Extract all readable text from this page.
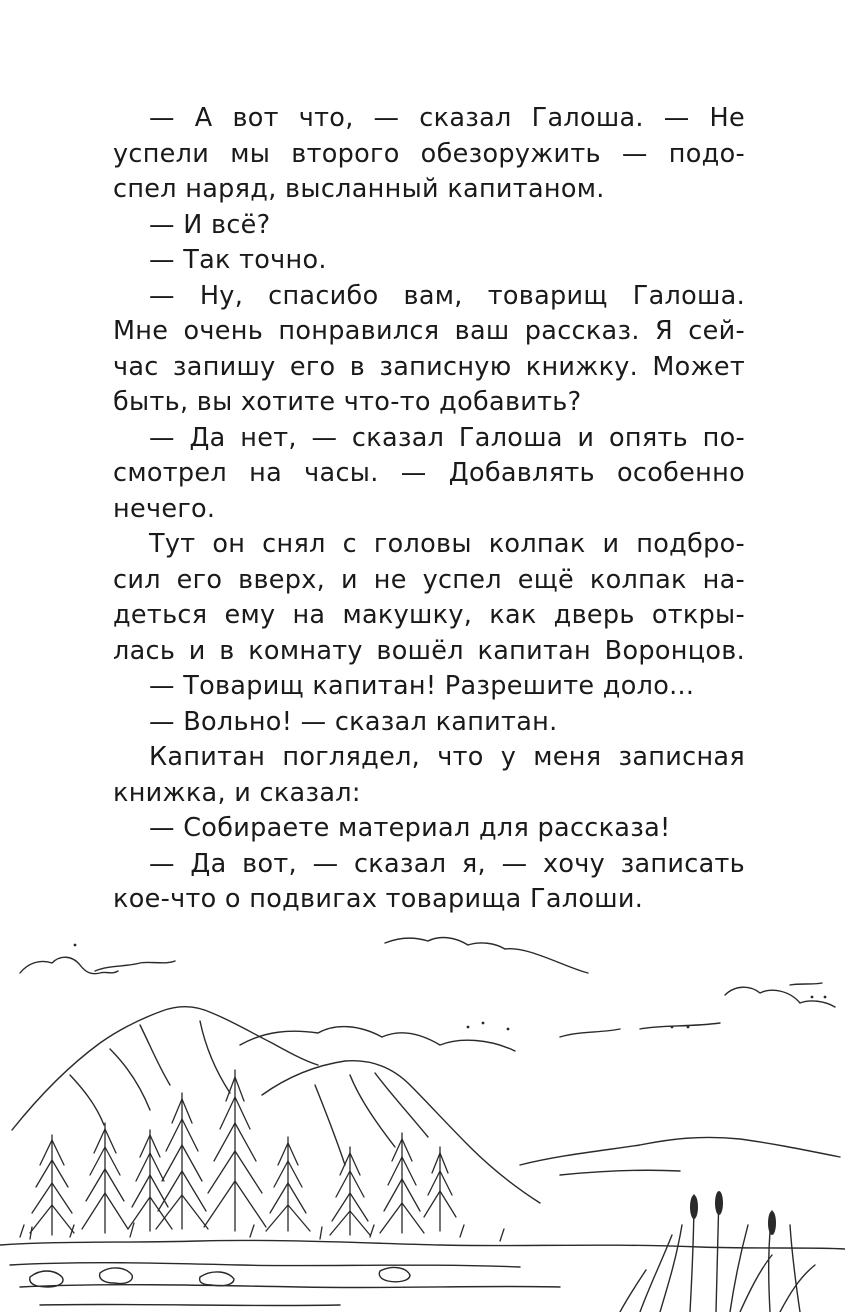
— А вот что, — сказал Галоша. — Не
успели мы второго обезоружить — подо-
спел наряд, высланный капитаном.
— И всё?
— Так точно.
— Ну, спасибо вам, товарищ Галоша.
Мне очень понравился ваш рассказ. Я сей-
час запишу его в записную книжку. Может
быть, вы хотите что-то добавить?
— Да нет, — сказал Галоша и опять по-
смотрел на часы. — Добавлять особенно
нечего.
Тут он снял с головы колпак и подбро-
сил его вверх, и не успел ещё колпак на-
деться ему на макушку, как дверь откры-
лась и в комнату вошёл капитан Воронцов.
— Товарищ капитан! Разрешите доло...
— Вольно! — сказал капитан.
Капитан поглядел, что у меня записная
книжка, и сказал:
— Собираете материал для рассказа!
— Да вот, — сказал я, — хочу записать
кое-что о подвигах товарища Галоши.
